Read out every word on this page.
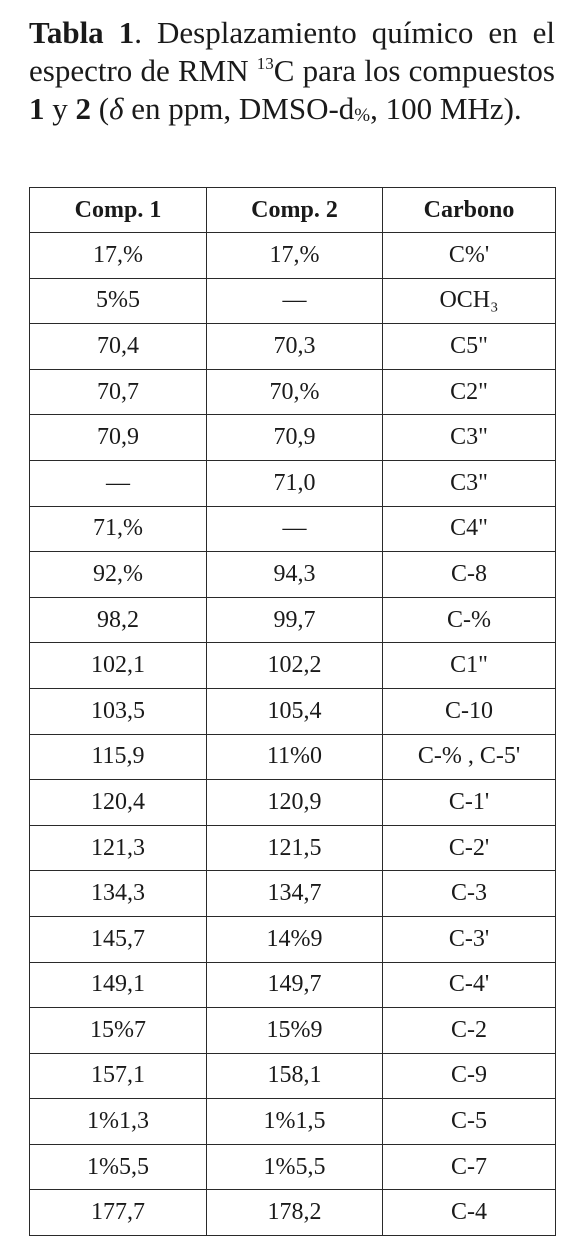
Tabla 1. Desplazamiento químico en el espectro de RMN $^{13}$C para los compuestos 1 y 2 (δ en ppm, DMSO-$d_{\%}$, 100 MHz).
Comp. 1	Comp. 2	Carbono
17,%	17,%	C%'
5%5	—	OCH₃
70,4	70,3	C5"
70,7	70,%	C2"
70,9	70,9	C3"
—	71,0	C3"
71,%	—	C4"
92,%	94,3	C-8
98,2	99,7	C-%
102,1	102,2	C1"
103,5	105,4	C-10
115,9	11%0	C-% , C-5'
120,4	120,9	C-1'
121,3	121,5	C-2'
134,3	134,7	C-3
145,7	14%9	C-3'
149,1	149,7	C-4'
15%7	15%9	C-2
157,1	158,1	C-9
1%1,3	1%1,5	C-5
1%5,5	1%5,5	C-7
177,7	178,2	C-4
